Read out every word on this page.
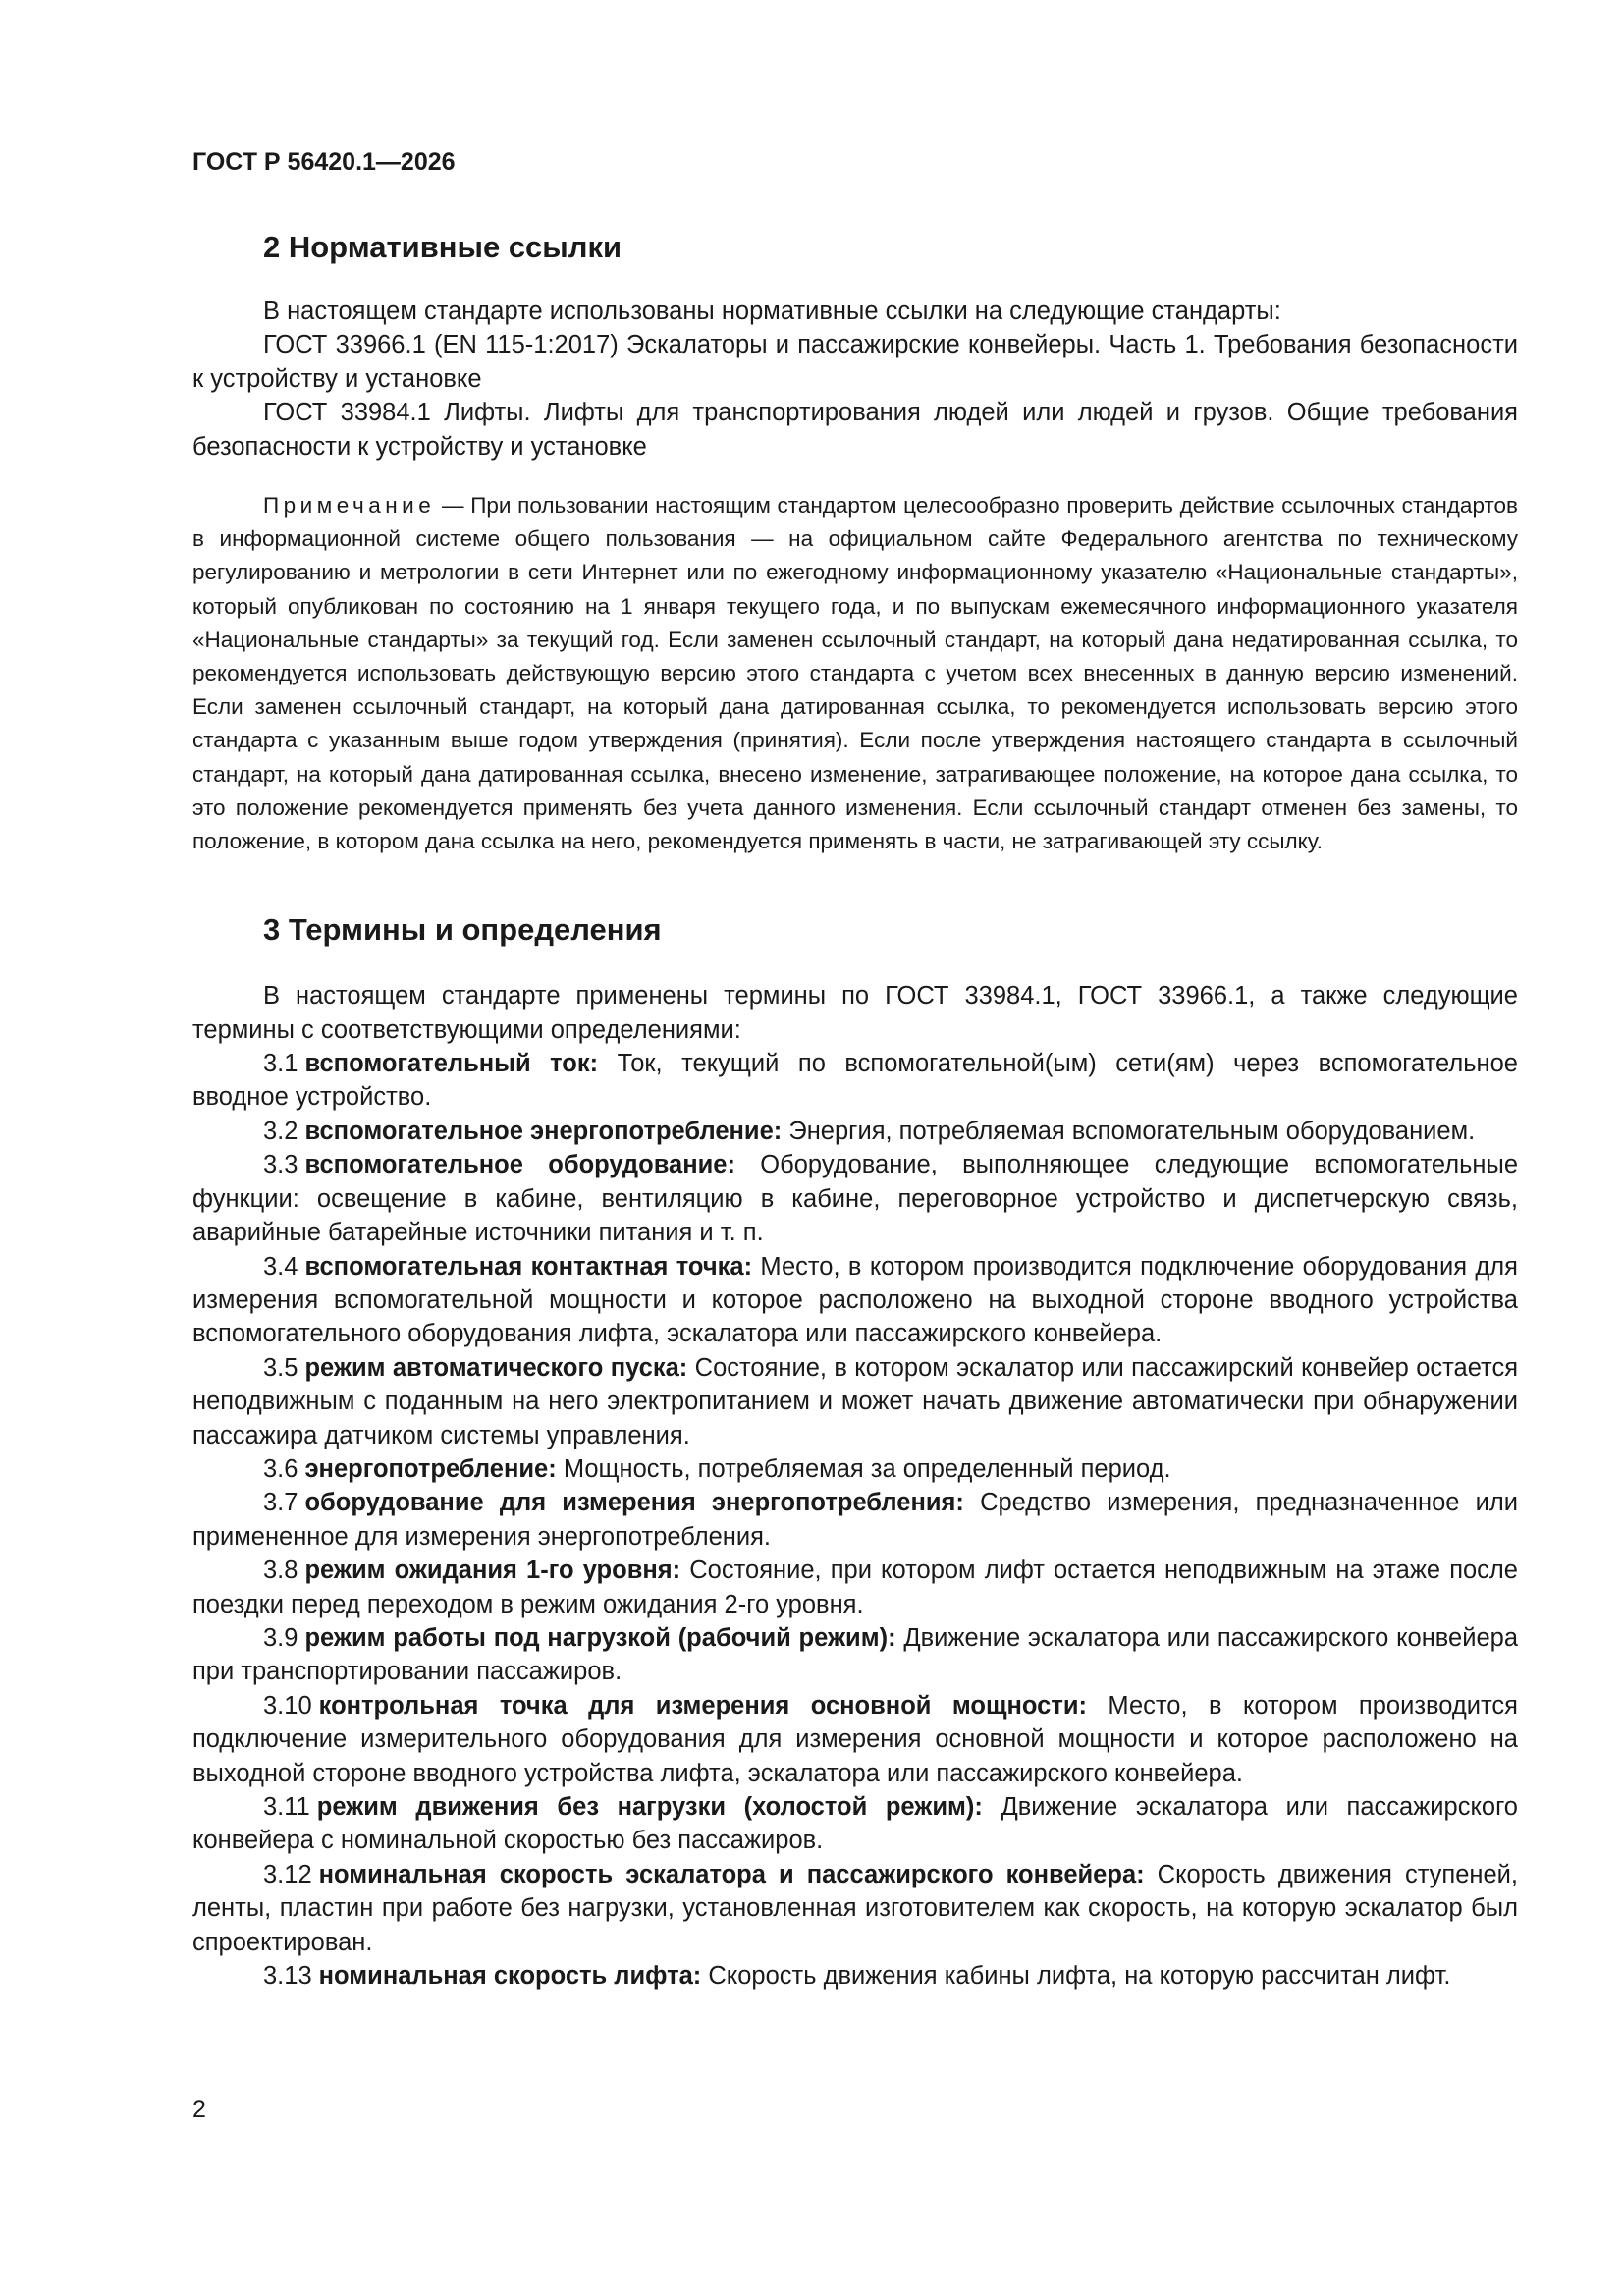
ГОСТ Р 56420.1—2026
2 Нормативные ссылки

В настоящем стандарте использованы нормативные ссылки на следующие стандарты:

ГОСТ 33966.1 (EN 115-1:2017) Эскалаторы и пассажирские конвейеры. Часть 1. Требования безопасности к устройству и установке

ГОСТ 33984.1 Лифты. Лифты для транспортирования людей или людей и грузов. Общие требования безопасности к устройству и установке

Примечание — При пользовании настоящим стандартом целесообразно проверить действие ссылочных стандартов в информационной системе общего пользования — на официальном сайте Федерального агентства по техническому регулированию и метрологии в сети Интернет или по ежегодному информационному указателю «Национальные стандарты», который опубликован по состоянию на 1 января текущего года, и по выпускам ежемесячного информационного указателя «Национальные стандарты» за текущий год. Если заменен ссылочный стандарт, на который дана недатированная ссылка, то рекомендуется использовать действующую версию этого стандарта с учетом всех внесенных в данную версию изменений. Если заменен ссылочный стандарт, на который дана датированная ссылка, то рекомендуется использовать версию этого стандарта с указанным выше годом утверждения (принятия). Если после утверждения настоящего стандарта в ссылочный стандарт, на который дана датированная ссылка, внесено изменение, затрагивающее положение, на которое дана ссылка, то это положение рекомендуется применять без учета данного изменения. Если ссылочный стандарт отменен без замены, то положение, в котором дана ссылка на него, рекомендуется применять в части, не затрагивающей эту ссылку.

3 Термины и определения

В настоящем стандарте применены термины по ГОСТ 33984.1, ГОСТ 33966.1, а также следующие термины с соответствующими определениями:

3.1 вспомогательный ток: Ток, текущий по вспомогательной(ым) сети(ям) через вспомогательное вводное устройство.

3.2 вспомогательное энергопотребление: Энергия, потребляемая вспомогательным оборудованием.

3.3 вспомогательное оборудование: Оборудование, выполняющее следующие вспомогательные функции: освещение в кабине, вентиляцию в кабине, переговорное устройство и диспетчерскую связь, аварийные батарейные источники питания и т. п.

3.4 вспомогательная контактная точка: Место, в котором производится подключение оборудования для измерения вспомогательной мощности и которое расположено на выходной стороне вводного устройства вспомогательного оборудования лифта, эскалатора или пассажирского конвейера.

3.5 режим автоматического пуска: Состояние, в котором эскалатор или пассажирский конвейер остается неподвижным с поданным на него электропитанием и может начать движение автоматически при обнаружении пассажира датчиком системы управления.

3.6 энергопотребление: Мощность, потребляемая за определенный период.

3.7 оборудование для измерения энергопотребления: Средство измерения, предназначенное или примененное для измерения энергопотребления.

3.8 режим ожидания 1-го уровня: Состояние, при котором лифт остается неподвижным на этаже после поездки перед переходом в режим ожидания 2-го уровня.

3.9 режим работы под нагрузкой (рабочий режим): Движение эскалатора или пассажирского конвейера при транспортировании пассажиров.

3.10 контрольная точка для измерения основной мощности: Место, в котором производится подключение измерительного оборудования для измерения основной мощности и которое расположено на выходной стороне вводного устройства лифта, эскалатора или пассажирского конвейера.

3.11 режим движения без нагрузки (холостой режим): Движение эскалатора или пассажирского конвейера с номинальной скоростью без пассажиров.

3.12 номинальная скорость эскалатора и пассажирского конвейера: Скорость движения ступеней, ленты, пластин при работе без нагрузки, установленная изготовителем как скорость, на которую эскалатор был спроектирован.

3.13 номинальная скорость лифта: Скорость движения кабины лифта, на которую рассчитан лифт.

2
